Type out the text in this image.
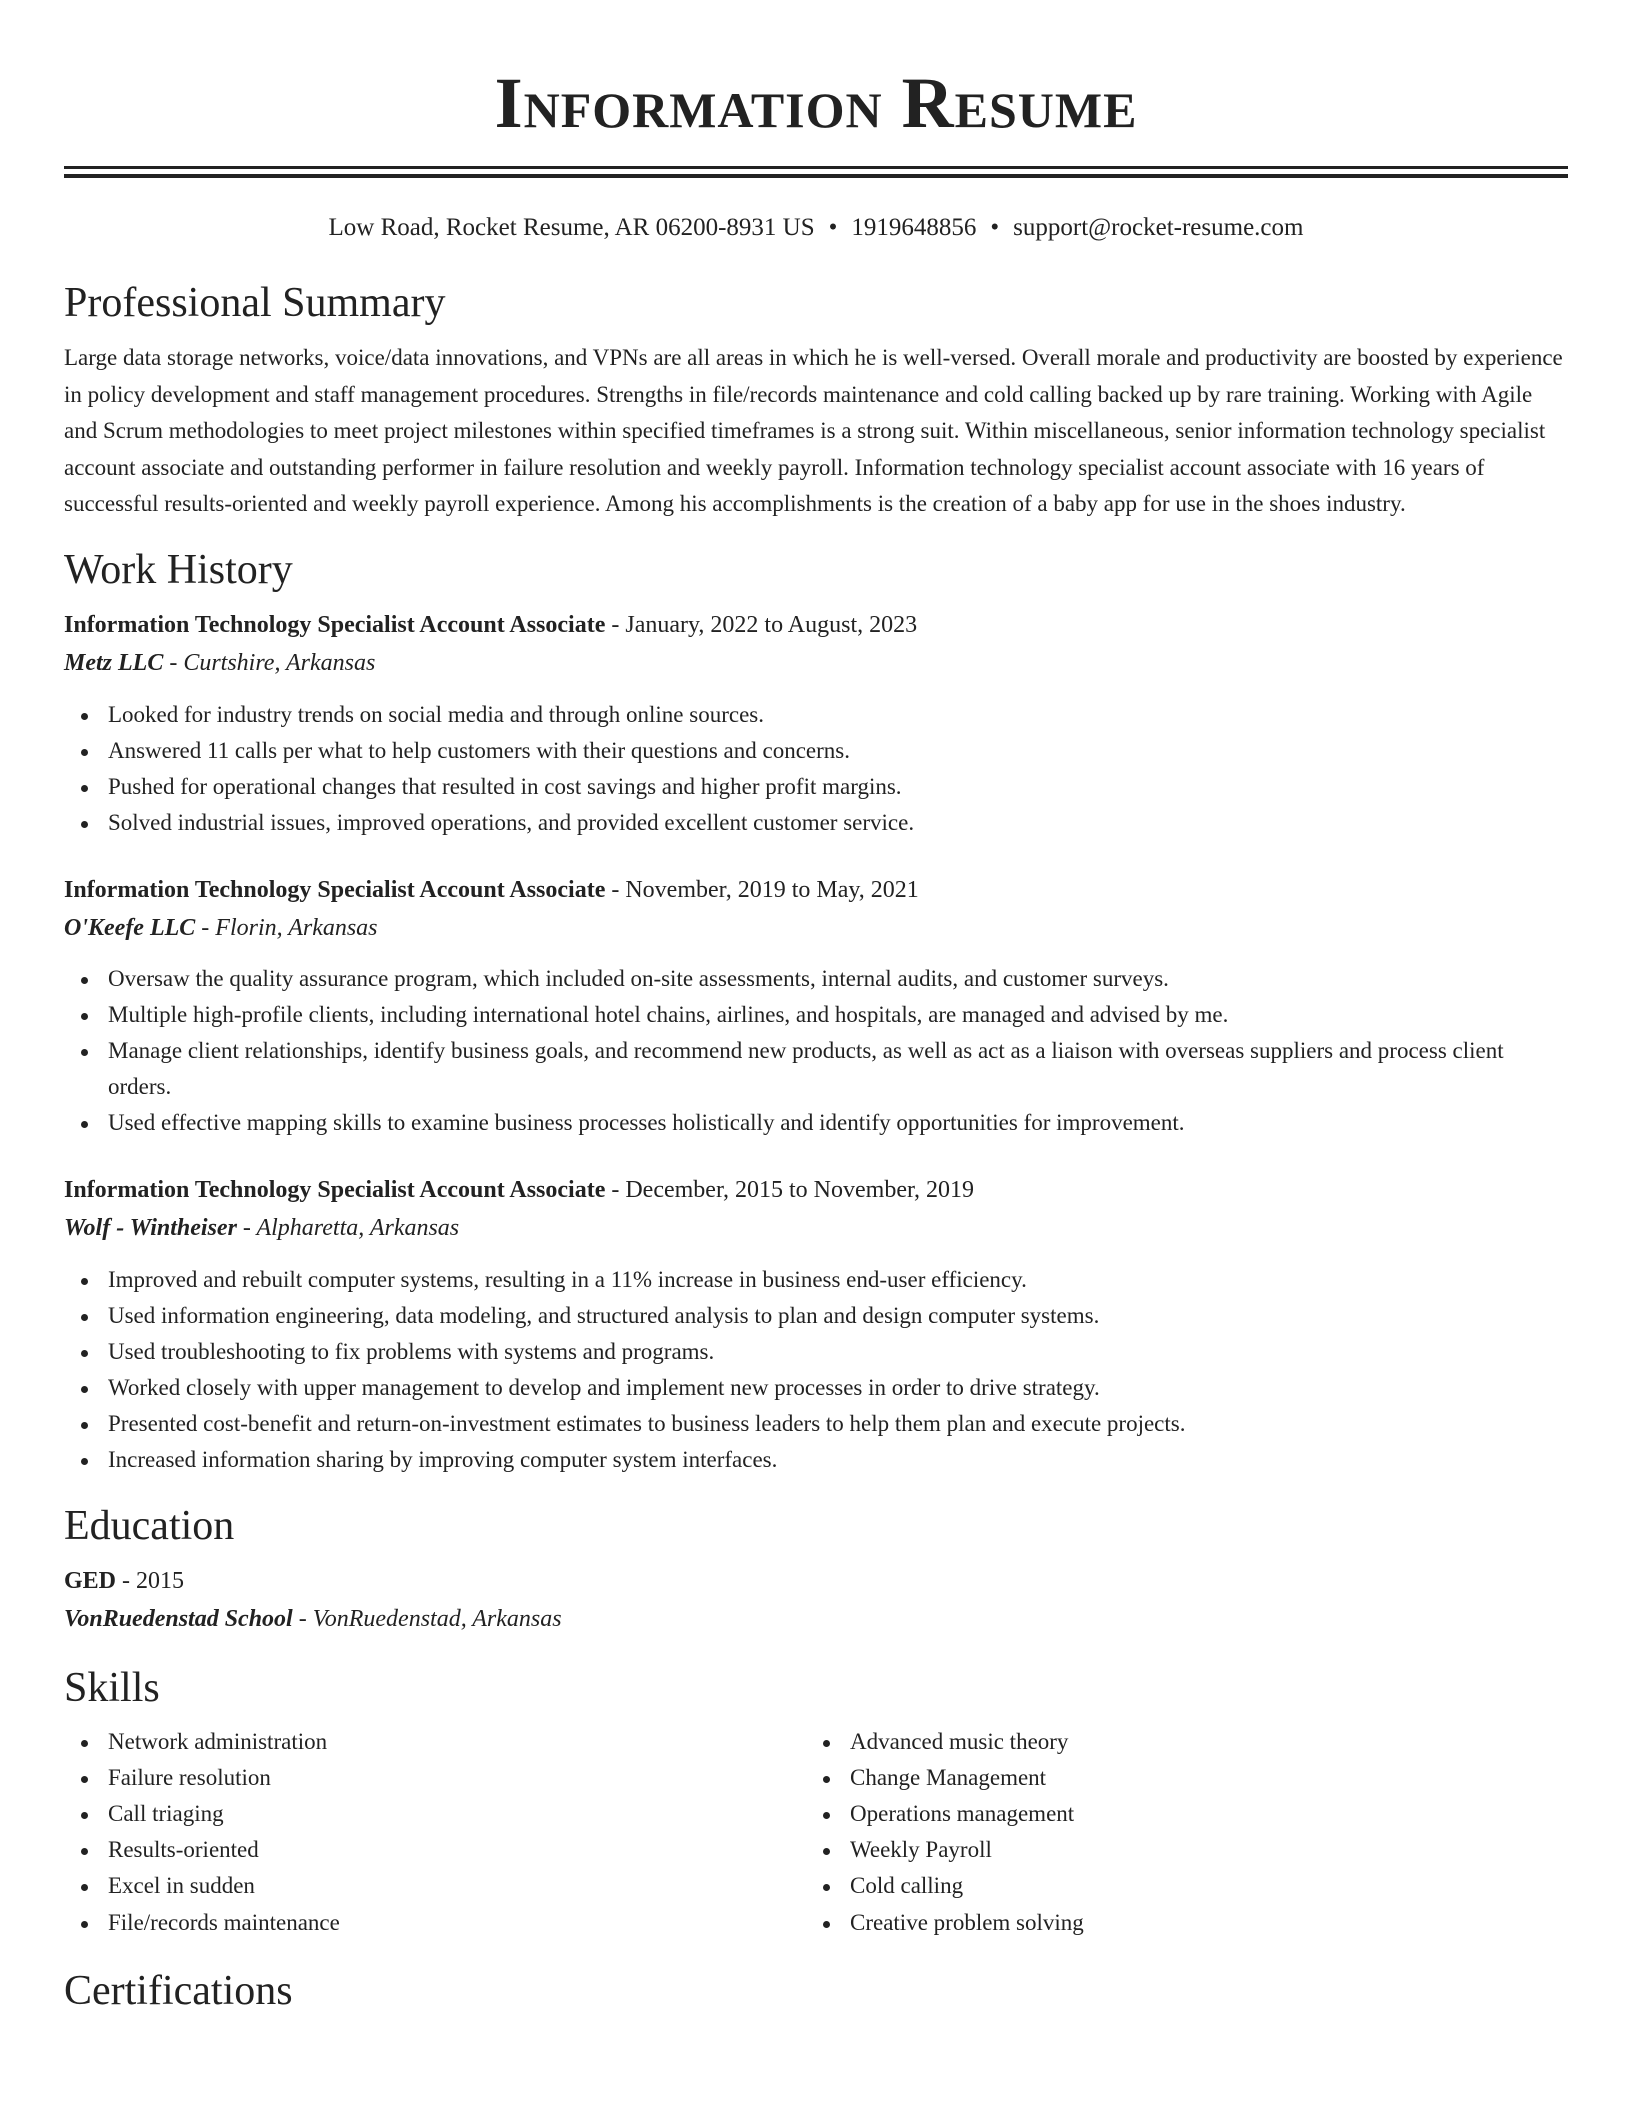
Information Resume
Low Road, Rocket Resume, AR 06200-8931 US • 1919648856 • support@rocket-resume.com
Professional Summary

Large data storage networks, voice/data innovations, and VPNs are all areas in which he is well-versed. Overall morale and productivity are boosted by experience in policy development and staff management procedures. Strengths in file/records maintenance and cold calling backed up by rare training. Working with Agile and Scrum methodologies to meet project milestones within specified timeframes is a strong suit. Within miscellaneous, senior information technology specialist account associate and outstanding performer in failure resolution and weekly payroll. Information technology specialist account associate with 16 years of successful results-oriented and weekly payroll experience. Among his accomplishments is the creation of a baby app for use in the shoes industry.

Work History
Information Technology Specialist Account Associate - January, 2022 to August, 2023
Metz LLC - Curtshire, Arkansas
Looked for industry trends on social media and through online sources.
Answered 11 calls per what to help customers with their questions and concerns.
Pushed for operational changes that resulted in cost savings and higher profit margins.
Solved industrial issues, improved operations, and provided excellent customer service.
Information Technology Specialist Account Associate - November, 2019 to May, 2021
O'Keefe LLC - Florin, Arkansas
Oversaw the quality assurance program, which included on-site assessments, internal audits, and customer surveys.
Multiple high-profile clients, including international hotel chains, airlines, and hospitals, are managed and advised by me.
Manage client relationships, identify business goals, and recommend new products, as well as act as a liaison with overseas suppliers and process client orders.
Used effective mapping skills to examine business processes holistically and identify opportunities for improvement.
Information Technology Specialist Account Associate - December, 2015 to November, 2019
Wolf - Wintheiser - Alpharetta, Arkansas
Improved and rebuilt computer systems, resulting in a 11% increase in business end-user efficiency.
Used information engineering, data modeling, and structured analysis to plan and design computer systems.
Used troubleshooting to fix problems with systems and programs.
Worked closely with upper management to develop and implement new processes in order to drive strategy.
Presented cost-benefit and return-on-investment estimates to business leaders to help them plan and execute projects.
Increased information sharing by improving computer system interfaces.
Education
GED - 2015
VonRuedenstad School - VonRuedenstad, Arkansas
Skills
Network administration
Failure resolution
Call triaging
Results-oriented
Excel in sudden
File/records maintenance
Advanced music theory
Change Management
Operations management
Weekly Payroll
Cold calling
Creative problem solving
Certifications
